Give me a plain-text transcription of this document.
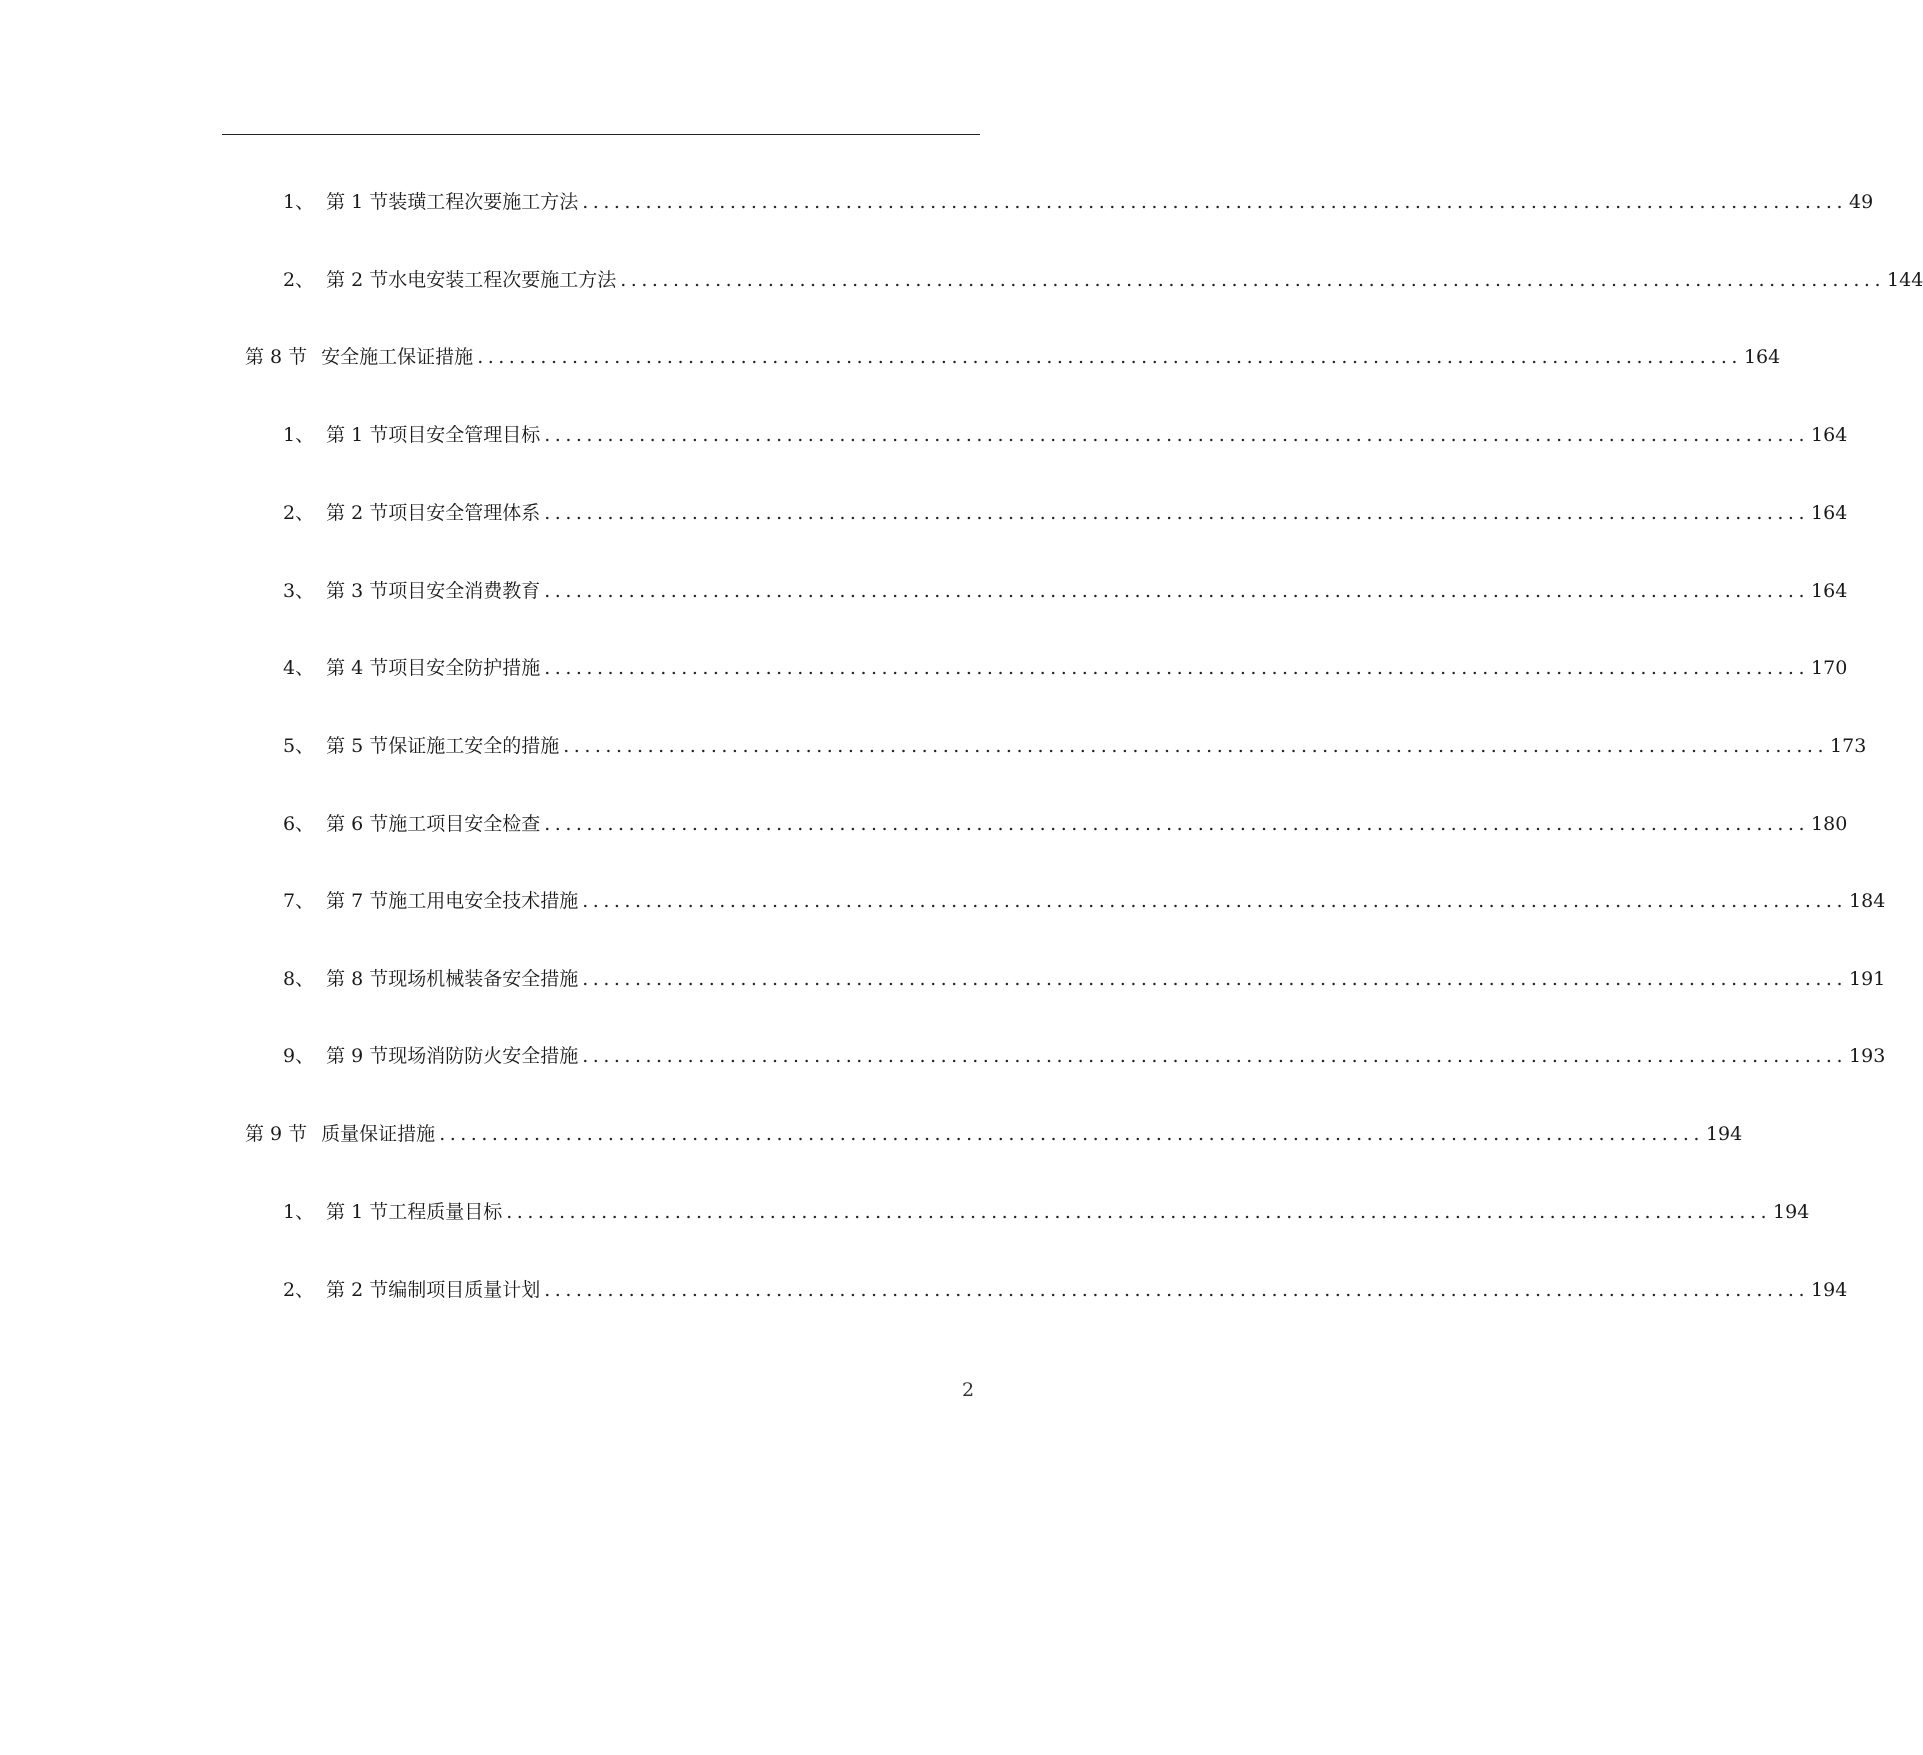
1、 第 1 节装璜工程次要施工方法 ........................................................................................................................ 49
2、 第 2 节水电安装工程次要施工方法 ........................................................................................................................ 144
第 8 节 安全施工保证措施 ........................................................................................................................ 164
1、 第 1 节项目安全管理目标 ........................................................................................................................ 164
2、 第 2 节项目安全管理体系 ........................................................................................................................ 164
3、 第 3 节项目安全消费教育 ........................................................................................................................ 164
4、 第 4 节项目安全防护措施 ........................................................................................................................ 170
5、 第 5 节保证施工安全的措施 ........................................................................................................................ 173
6、 第 6 节施工项目安全检查 ........................................................................................................................ 180
7、 第 7 节施工用电安全技术措施 ........................................................................................................................ 184
8、 第 8 节现场机械装备安全措施 ........................................................................................................................ 191
9、 第 9 节现场消防防火安全措施 ........................................................................................................................ 193
第 9 节 质量保证措施 ........................................................................................................................ 194
1、 第 1 节工程质量目标 ........................................................................................................................ 194
2、 第 2 节编制项目质量计划 ........................................................................................................................ 194
2
